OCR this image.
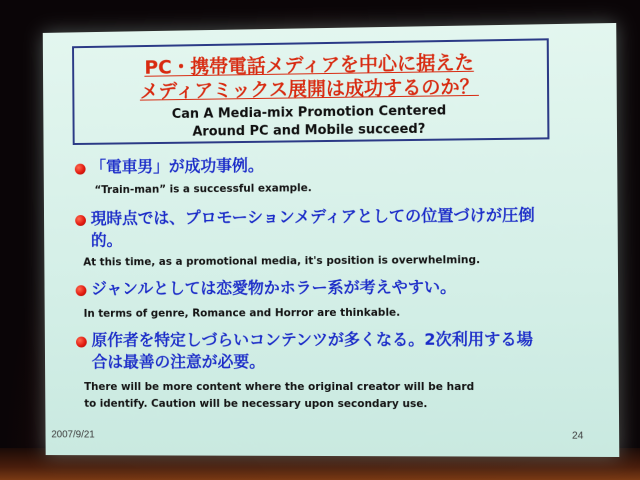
PC・携帯電話メディアを中心に据えた
メディアミックス展開は成功するのか？
Can A Media-mix Promotion Centered
Around PC and Mobile succeed?
「電車男」が成功事例。
“Train-man” is a successful example.
現時点では、プロモーションメディアとしての位置づけが圧倒
的。
At this time, as a promotional media, it's position is overwhelming.
ジャンルとしては恋愛物かホラー系が考えやすい。
In terms of genre, Romance and Horror are thinkable.
原作者を特定しづらいコンテンツが多くなる。2次利用する場
合は最善の注意が必要。
There will be more content where the original creator will be hard
to identify. Caution will be necessary upon secondary use.
2007/9/21	24
